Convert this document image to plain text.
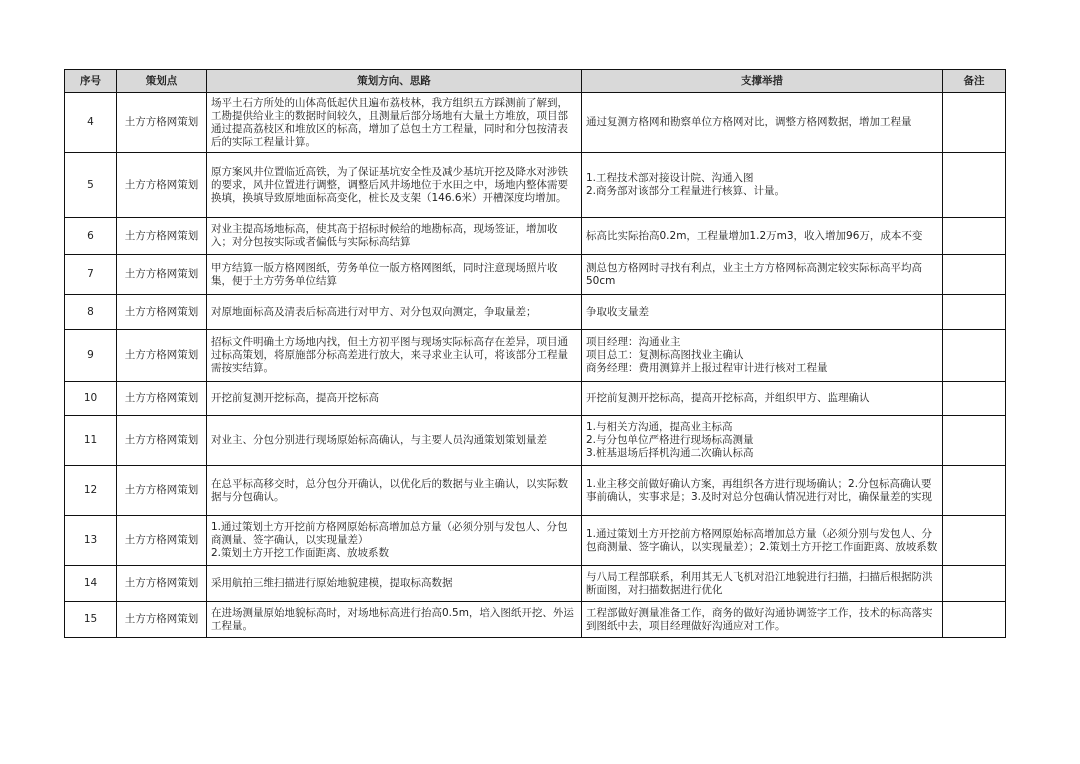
序号	策划点	策划方向、思路	支撑举措	备注
4	土方方格网策划	场平土石方所处的山体高低起伏且遍布荔枝林，我方组织五方踩测前了解到，工勘提供给业主的数据时间较久，且测量后部分场地有大量土方堆放，项目部通过提高荔枝区和堆放区的标高，增加了总包土方工程量，同时和分包按清表后的实际工程量计算。	通过复测方格网和勘察单位方格网对比，调整方格网数据，增加工程量	

5	土方方格网策划	原方案风井位置临近高铁，为了保证基坑安全性及减少基坑开挖及降水对涉铁的要求，风井位置进行调整，调整后风井场地位于水田之中，场地内整体需要换填，换填导致原地面标高变化，桩长及支架（146.6米）开槽深度均增加。	1.工程技术部对接设计院、沟通入图
2.商务部对该部分工程量进行核算、计量。	

6	土方方格网策划	对业主提高场地标高，使其高于招标时候给的地勘标高，现场签证，增加收入；对分包按实际或者偏低与实际标高结算	标高比实际抬高0.2m，工程量增加1.2万m3，收入增加96万，成本不变	

7	土方方格网策划	甲方结算一版方格网图纸，劳务单位一版方格网图纸，同时注意现场照片收集，便于土方劳务单位结算	测总包方格网时寻找有利点，业主土方方格网标高测定较实际标高平均高50cm	

8	土方方格网策划	对原地面标高及清表后标高进行对甲方、对分包双向测定，争取量差；	争取收支量差	

9	土方方格网策划	招标文件明确土方场地内找，但土方初平图与现场实际标高存在差异，项目通过标高策划，将原施部分标高差进行放大，来寻求业主认可，将该部分工程量需按实结算。	项目经理：沟通业主
项目总工：复测标高图找业主确认
商务经理：费用测算并上报过程审计进行核对工程量	

10	土方方格网策划	开挖前复测开挖标高，提高开挖标高	开挖前复测开挖标高，提高开挖标高，并组织甲方、监理确认	

11	土方方格网策划	对业主、分包分别进行现场原始标高确认，与主要人员沟通策划策划量差	1.与相关方沟通，提高业主标高
2.与分包单位严格进行现场标高测量
3.桩基退场后择机沟通二次确认标高	

12	土方方格网策划	在总平标高移交时，总分包分开确认，以优化后的数据与业主确认，以实际数据与分包确认。	1.业主移交前做好确认方案，再组织各方进行现场确认；2.分包标高确认要事前确认，实事求是；3.及时对总分包确认情况进行对比，确保量差的实现	

13	土方方格网策划	1.通过策划土方开挖前方格网原始标高增加总方量（必须分别与发包人、分包商测量、签字确认，以实现量差）
2.策划土方开挖工作面距离、放坡系数	1.通过策划土方开挖前方格网原始标高增加总方量（必须分别与发包人、分包商测量、签字确认，以实现量差）；2.策划土方开挖工作面距离、放坡系数	

14	土方方格网策划	采用航拍三维扫描进行原始地貌建模，提取标高数据	与八局工程部联系，利用其无人飞机对沿江地貌进行扫描，扫描后根据防洪断面图，对扫描数据进行优化	

15	土方方格网策划	在进场测量原始地貌标高时，对场地标高进行抬高0.5m，培入图纸开挖、外运工程量。	工程部做好测量准备工作，商务的做好沟通协调签字工作，技术的标高落实到图纸中去，项目经理做好沟通应对工作。	
